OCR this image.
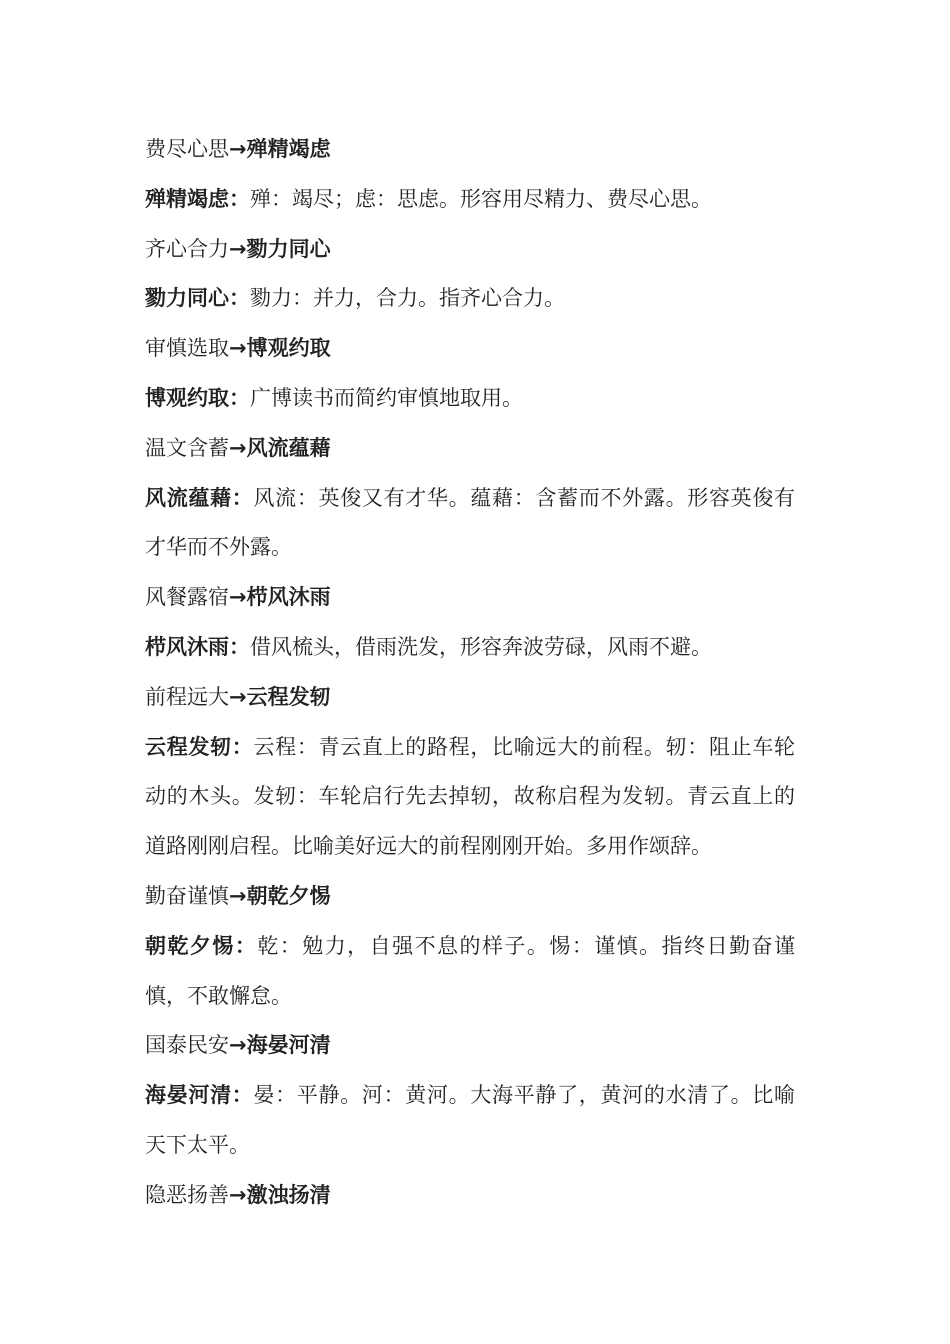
费尽心思→殚精竭虑
殚精竭虑：殚：竭尽；虑：思虑。形容用尽精力、费尽心思。
齐心合力→勠力同心
勠力同心：勠力：并力，合力。指齐心合力。
审慎选取→博观约取
博观约取：广博读书而简约审慎地取用。
温文含蓄→风流蕴藉
风流蕴藉：风流：英俊又有才华。蕴藉：含蓄而不外露。形容英俊有才华而不外露。
风餐露宿→栉风沐雨
栉风沐雨：借风梳头，借雨洗发，形容奔波劳碌，风雨不避。
前程远大→云程发轫
云程发轫：云程：青云直上的路程，比喻远大的前程。轫：阻止车轮动的木头。发轫：车轮启行先去掉轫，故称启程为发轫。青云直上的道路刚刚启程。比喻美好远大的前程刚刚开始。多用作颂辞。
勤奋谨慎→朝乾夕惕
朝乾夕惕：乾：勉力，自强不息的样子。惕：谨慎。指终日勤奋谨慎，不敢懈怠。
国泰民安→海晏河清
海晏河清：晏：平静。河：黄河。大海平静了，黄河的水清了。比喻天下太平。
隐恶扬善→激浊扬清
